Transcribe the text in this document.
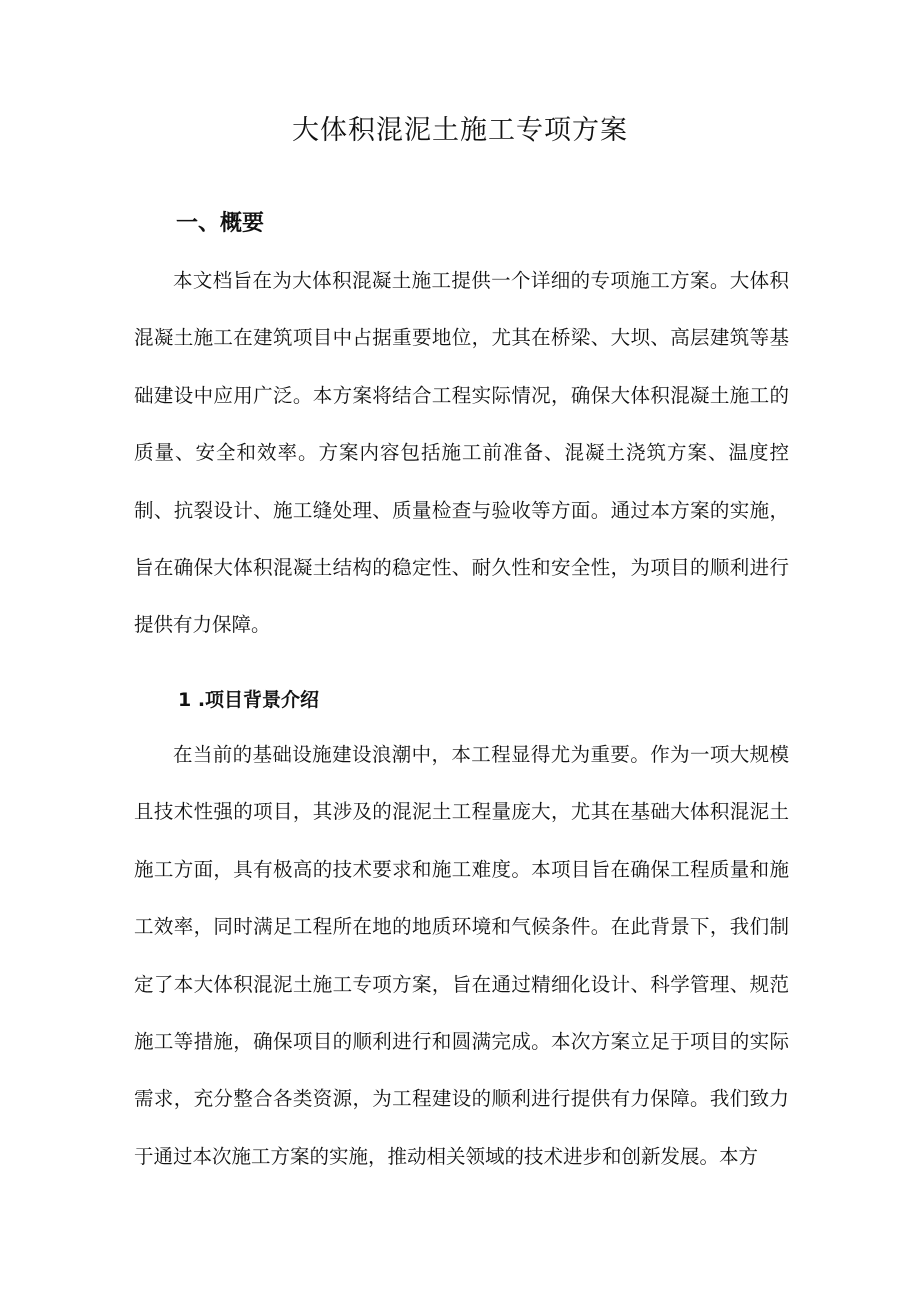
大体积混泥土施工专项方案
一、概要

本文档旨在为大体积混凝土施工提供一个详细的专项施工方案。大体积混凝土施工在建筑项目中占据重要地位，尤其在桥梁、大坝、高层建筑等基础建设中应用广泛。本方案将结合工程实际情况，确保大体积混凝土施工的质量、安全和效率。方案内容包括施工前准备、混凝土浇筑方案、温度控制、抗裂设计、施工缝处理、质量检查与验收等方面。通过本方案的实施，旨在确保大体积混凝土结构的稳定性、耐久性和安全性，为项目的顺利进行提供有力保障。

1 .项目背景介绍

在当前的基础设施建设浪潮中，本工程显得尤为重要。作为一项大规模且技术性强的项目，其涉及的混泥土工程量庞大，尤其在基础大体积混泥土施工方面，具有极高的技术要求和施工难度。本项目旨在确保工程质量和施工效率，同时满足工程所在地的地质环境和气候条件。在此背景下，我们制定了本大体积混泥土施工专项方案，旨在通过精细化设计、科学管理、规范施工等措施，确保项目的顺利进行和圆满完成。本次方案立足于项目的实际需求，充分整合各类资源，为工程建设的顺利进行提供有力保障。我们致力于通过本次施工方案的实施，推动相关领域的技术进步和创新发展。本方
